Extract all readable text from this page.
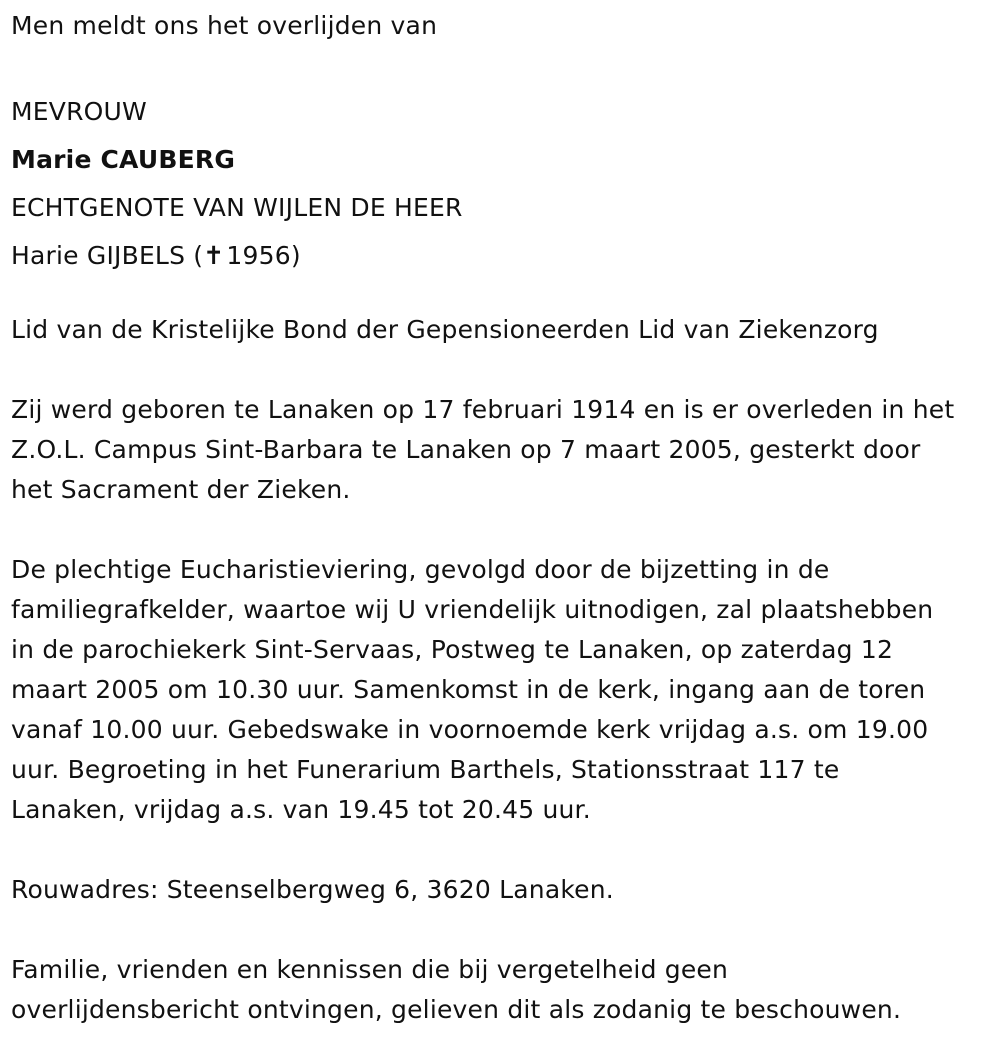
Men meldt ons het overlijden van

MEVROUW

Marie CAUBERG

ECHTGENOTE VAN WIJLEN DE HEER

Harie GIJBELS (✝1956)

Lid van de Kristelijke Bond der Gepensioneerden Lid van Ziekenzorg

Zij werd geboren te Lanaken op 17 februari 1914 en is er overleden in het

Z.O.L. Campus Sint-Barbara te Lanaken op 7 maart 2005, gesterkt door

het Sacrament der Zieken.

De plechtige Eucharistieviering, gevolgd door de bijzetting in de

familiegrafkelder, waartoe wij U vriendelijk uitnodigen, zal plaatshebben

in de parochiekerk Sint-Servaas, Postweg te Lanaken, op zaterdag 12

maart 2005 om 10.30 uur. Samenkomst in de kerk, ingang aan de toren

vanaf 10.00 uur. Gebedswake in voornoemde kerk vrijdag a.s. om 19.00

uur. Begroeting in het Funerarium Barthels, Stationsstraat 117 te

Lanaken, vrijdag a.s. van 19.45 tot 20.45 uur.

Rouwadres: Steenselbergweg 6, 3620 Lanaken.

Familie, vrienden en kennissen die bij vergetelheid geen

overlijdensbericht ontvingen, gelieven dit als zodanig te beschouwen.
